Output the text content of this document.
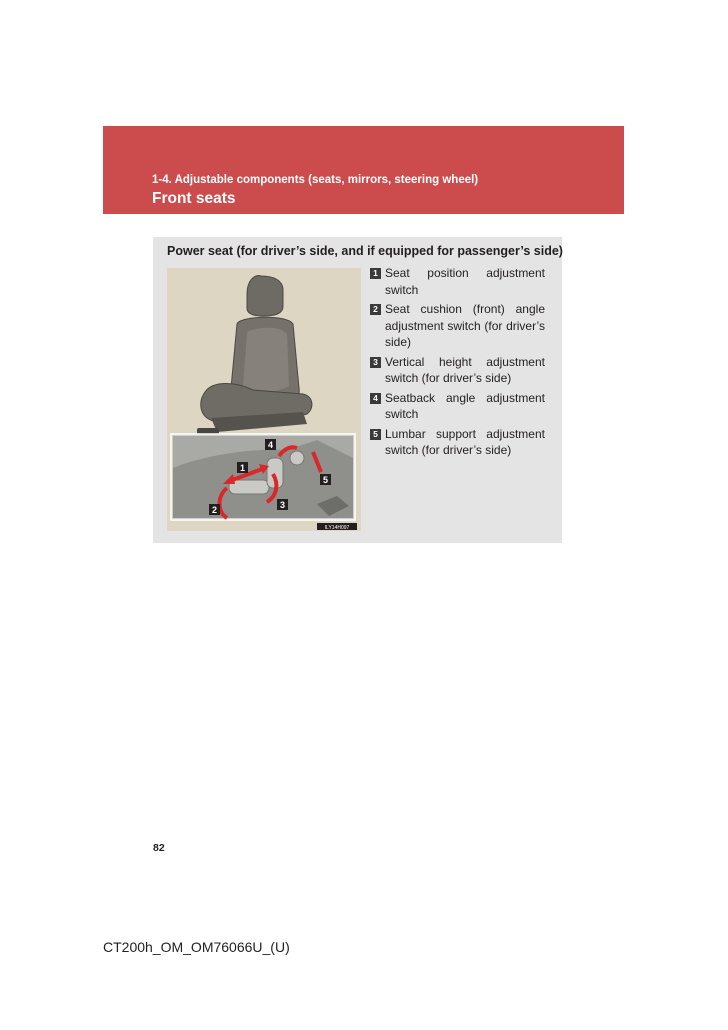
1-4. Adjustable components (seats, mirrors, steering wheel)
Front seats
Power seat (for driver’s side, and if equipped for passenger’s side)
4
1
2	3
5
ILY14H097
1 Seat position adjustment switch
2 Seat cushion (front) angle adjustment switch (for driver’s side)
3 Vertical height adjustment switch (for driver’s side)
4 Seatback angle adjustment switch
5 Lumbar support adjustment switch (for driver’s side)
82
CT200h_OM_OM76066U_(U)
